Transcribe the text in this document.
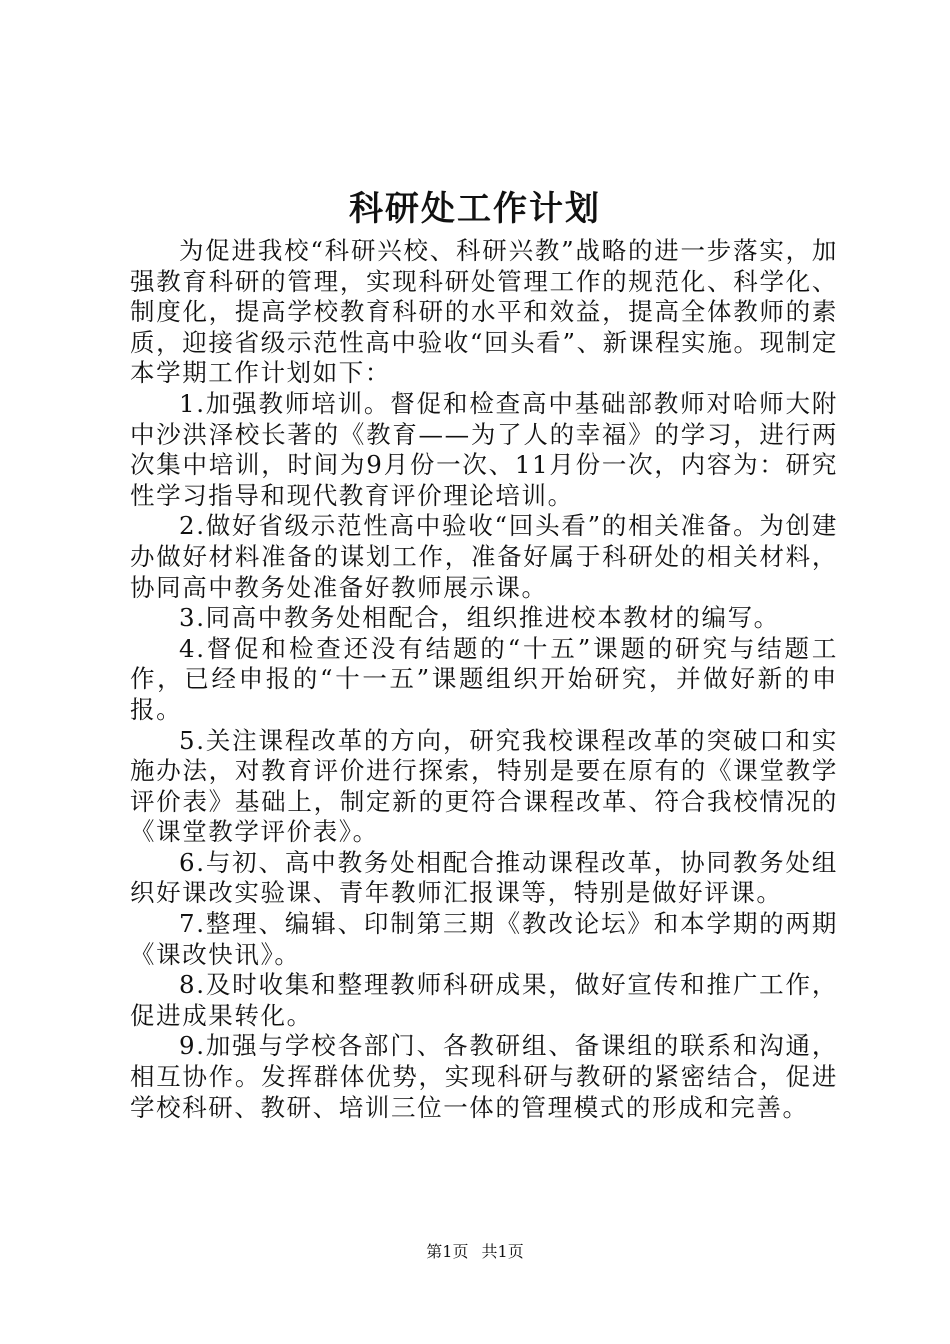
科研处工作计划

为促进我校“科研兴校、科研兴教”战略的进一步落实，加强教育科研的管理，实现科研处管理工作的规范化、科学化、制度化，提高学校教育科研的水平和效益，提高全体教师的素质，迎接省级示范性高中验收“回头看”、新课程实施。现制定本学期工作计划如下：

1.加强教师培训。督促和检查高中基础部教师对哈师大附中沙洪泽校长著的《教育——为了人的幸福》的学习，进行两次集中培训，时间为9月份一次、11月份一次，内容为：研究性学习指导和现代教育评价理论培训。

2.做好省级示范性高中验收“回头看”的相关准备。为创建办做好材料准备的谋划工作，准备好属于科研处的相关材料，协同高中教务处准备好教师展示课。

3.同高中教务处相配合，组织推进校本教材的编写。

4.督促和检查还没有结题的“十五”课题的研究与结题工作，已经申报的“十一五”课题组织开始研究，并做好新的申报。

5.关注课程改革的方向，研究我校课程改革的突破口和实施办法，对教育评价进行探索，特别是要在原有的《课堂教学评价表》基础上，制定新的更符合课程改革、符合我校情况的《课堂教学评价表》。

6.与初、高中教务处相配合推动课程改革，协同教务处组织好课改实验课、青年教师汇报课等，特别是做好评课。

7.整理、编辑、印制第三期《教改论坛》和本学期的两期《课改快讯》。

8.及时收集和整理教师科研成果，做好宣传和推广工作，促进成果转化。

9.加强与学校各部门、各教研组、备课组的联系和沟通，相互协作。发挥群体优势，实现科研与教研的紧密结合，促进学校科研、教研、培训三位一体的管理模式的形成和完善。

第1页 共1页
